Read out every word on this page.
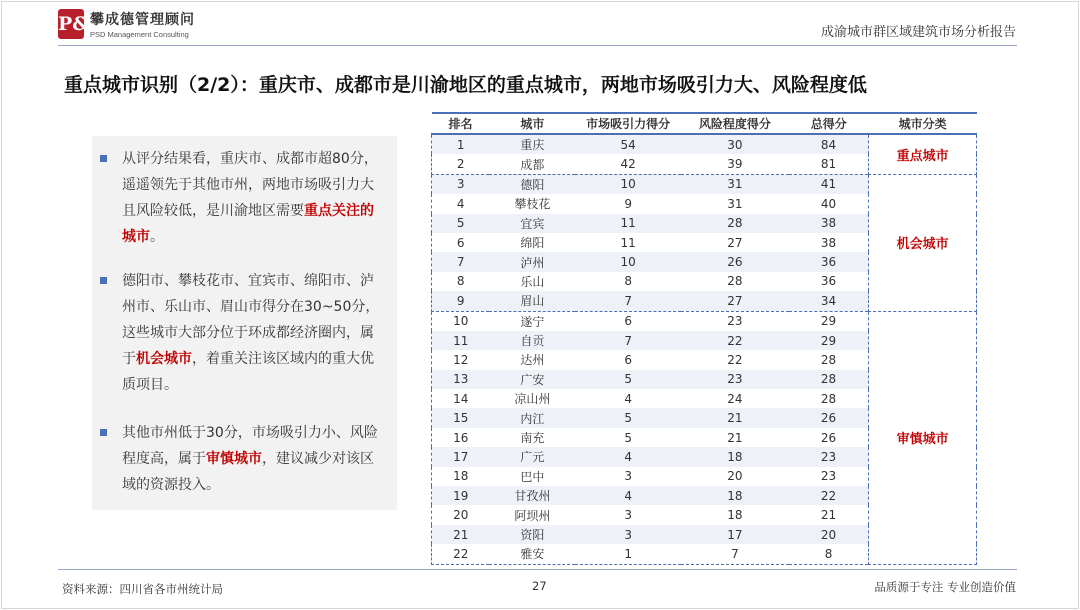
P& 攀成德管理顾问
PSD Management Consulting	成渝城市群区域建筑市场分析报告
重点城市识别（2/2）：重庆市、成都市是川渝地区的重点城市，两地市场吸引力大、风险程度低
从评分结果看，重庆市、成都市超80分，遥遥领先于其他市州，两地市场吸引力大且风险较低，是川渝地区需要重点关注的城市。
德阳市、攀枝花市、宜宾市、绵阳市、泸州市、乐山市、眉山市得分在30~50分，这些城市大部分位于环成都经济圈内，属于机会城市，着重关注该区域内的重大优质项目。
其他市州低于30分，市场吸引力小、风险程度高，属于审慎城市，建议减少对该区域的资源投入。
排名	城市	市场吸引力得分	风险程度得分	总得分	城市分类
1	重庆	54	30	84	重点城市
2	成都	42	39	81	
3	德阳	10	31	41	机会城市
4	攀枝花	9	31	40	
5	宜宾	11	28	38	
6	绵阳	11	27	38	
7	泸州	10	26	36	
8	乐山	8	28	36	
9	眉山	7	27	34	
10	遂宁	6	23	29	审慎城市
11	自贡	7	22	29	
12	达州	6	22	28	
13	广安	5	23	28	
14	凉山州	4	24	28	
15	内江	5	21	26	
16	南充	5	21	26	
17	广元	4	18	23	
18	巴中	3	20	23	
19	甘孜州	4	18	22	
20	阿坝州	3	18	21	
21	资阳	3	17	20	
22	雅安	1	7	8	
资料来源：四川省各市州统计局	27	品质源于专注 专业创造价值
